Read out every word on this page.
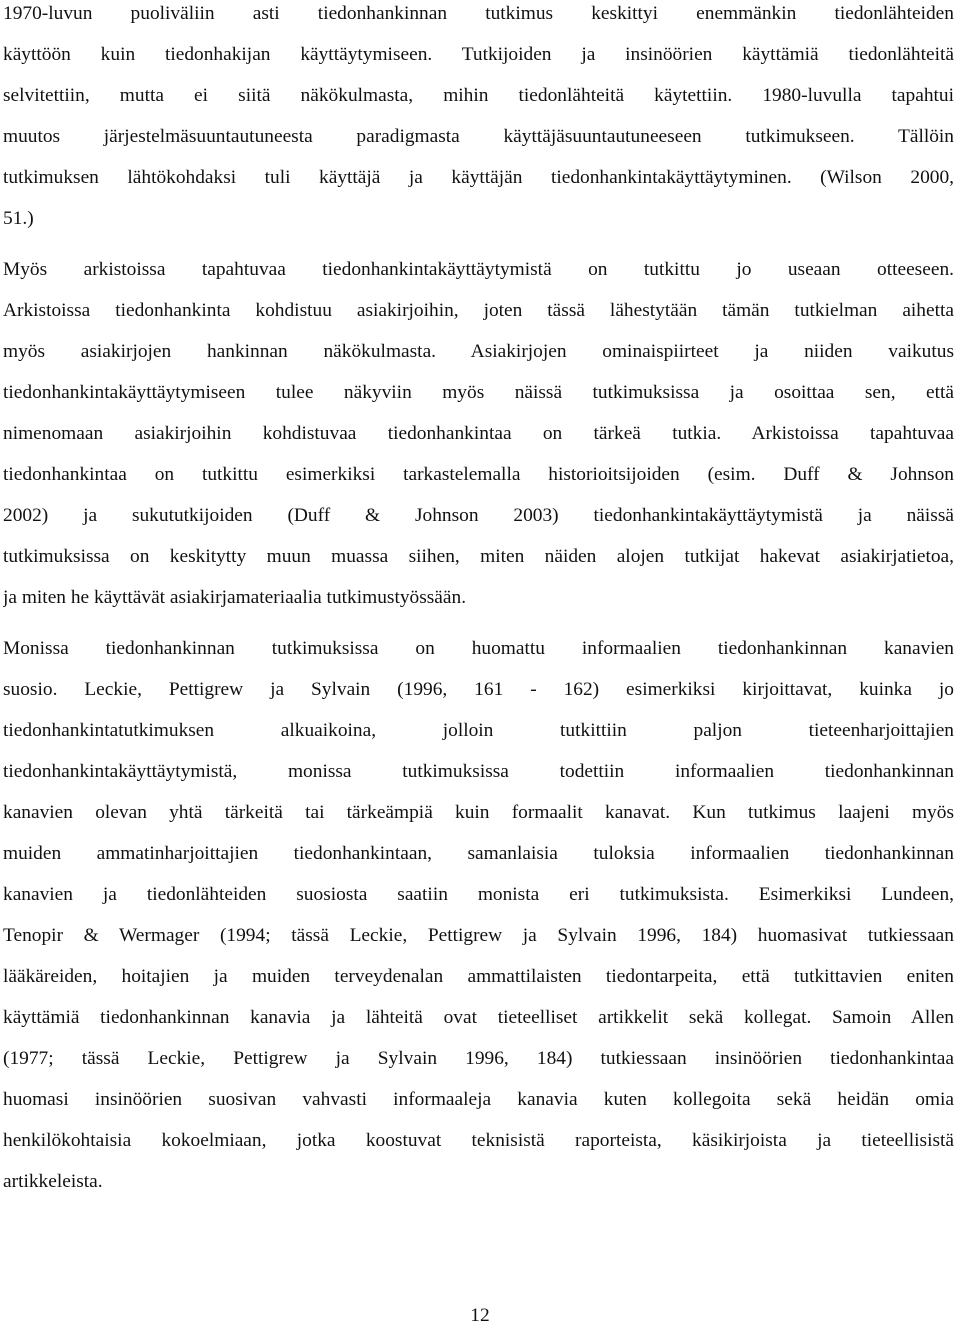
1970-luvun puoliväliin asti tiedonhankinnan tutkimus keskittyi enemmänkin tiedonlähteiden
käyttöön kuin tiedonhakijan käyttäytymiseen. Tutkijoiden ja insinöörien käyttämiä tiedonlähteitä
selvitettiin, mutta ei siitä näkökulmasta, mihin tiedonlähteitä käytettiin. 1980-luvulla tapahtui
muutos järjestelmäsuuntautuneesta paradigmasta käyttäjäsuuntautuneeseen tutkimukseen. Tällöin
tutkimuksen lähtökohdaksi tuli käyttäjä ja käyttäjän tiedonhankintakäyttäytyminen. (Wilson 2000,
51.)
Myös arkistoissa tapahtuvaa tiedonhankintakäyttäytymistä on tutkittu jo useaan otteeseen.
Arkistoissa tiedonhankinta kohdistuu asiakirjoihin, joten tässä lähestytään tämän tutkielman aihetta
myös asiakirjojen hankinnan näkökulmasta. Asiakirjojen ominaispiirteet ja niiden vaikutus
tiedonhankintakäyttäytymiseen tulee näkyviin myös näissä tutkimuksissa ja osoittaa sen, että
nimenomaan asiakirjoihin kohdistuvaa tiedonhankintaa on tärkeä tutkia. Arkistoissa tapahtuvaa
tiedonhankintaa on tutkittu esimerkiksi tarkastelemalla historioitsijoiden (esim. Duff & Johnson
2002) ja sukututkijoiden (Duff & Johnson 2003) tiedonhankintakäyttäytymistä ja näissä
tutkimuksissa on keskitytty muun muassa siihen, miten näiden alojen tutkijat hakevat asiakirjatietoa,
ja miten he käyttävät asiakirjamateriaalia tutkimustyössään.
Monissa tiedonhankinnan tutkimuksissa on huomattu informaalien tiedonhankinnan kanavien
suosio. Leckie, Pettigrew ja Sylvain (1996, 161 - 162) esimerkiksi kirjoittavat, kuinka jo
tiedonhankintatutkimuksen alkuaikoina, jolloin tutkittiin paljon tieteenharjoittajien
tiedonhankintakäyttäytymistä, monissa tutkimuksissa todettiin informaalien tiedonhankinnan
kanavien olevan yhtä tärkeitä tai tärkeämpiä kuin formaalit kanavat. Kun tutkimus laajeni myös
muiden ammatinharjoittajien tiedonhankintaan, samanlaisia tuloksia informaalien tiedonhankinnan
kanavien ja tiedonlähteiden suosiosta saatiin monista eri tutkimuksista. Esimerkiksi Lundeen,
Tenopir & Wermager (1994; tässä Leckie, Pettigrew ja Sylvain 1996, 184) huomasivat tutkiessaan
lääkäreiden, hoitajien ja muiden terveydenalan ammattilaisten tiedontarpeita, että tutkittavien eniten
käyttämiä tiedonhankinnan kanavia ja lähteitä ovat tieteelliset artikkelit sekä kollegat. Samoin Allen
(1977; tässä Leckie, Pettigrew ja Sylvain 1996, 184) tutkiessaan insinöörien tiedonhankintaa
huomasi insinöörien suosivan vahvasti informaaleja kanavia kuten kollegoita sekä heidän omia
henkilökohtaisia kokoelmiaan, jotka koostuvat teknisistä raporteista, käsikirjoista ja tieteellisistä
artikkeleista.
12
